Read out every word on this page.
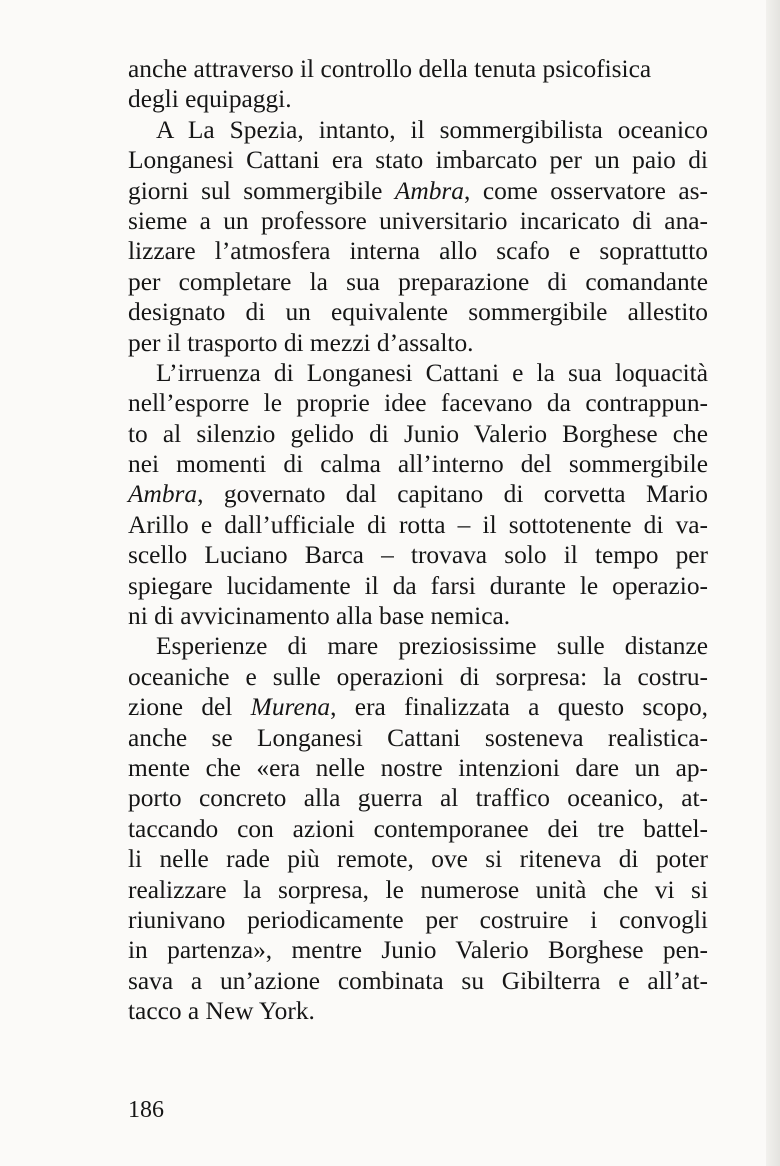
anche attraverso il controllo della tenuta psicofisica
degli equipaggi.
A La Spezia, intanto, il sommergibilista oceanico
Longanesi Cattani era stato imbarcato per un paio di
giorni sul sommergibile Ambra, come osservatore as-
sieme a un professore universitario incaricato di ana-
lizzare l’atmosfera interna allo scafo e soprattutto
per completare la sua preparazione di comandante
designato di un equivalente sommergibile allestito
per il trasporto di mezzi d’assalto.
L’irruenza di Longanesi Cattani e la sua loquacità
nell’esporre le proprie idee facevano da contrappun-
to al silenzio gelido di Junio Valerio Borghese che
nei momenti di calma all’interno del sommergibile
Ambra, governato dal capitano di corvetta Mario
Arillo e dall’ufficiale di rotta – il sottotenente di va-
scello Luciano Barca – trovava solo il tempo per
spiegare lucidamente il da farsi durante le operazio-
ni di avvicinamento alla base nemica.
Esperienze di mare preziosissime sulle distanze
oceaniche e sulle operazioni di sorpresa: la costru-
zione del Murena, era finalizzata a questo scopo,
anche se Longanesi Cattani sosteneva realistica-
mente che «era nelle nostre intenzioni dare un ap-
porto concreto alla guerra al traffico oceanico, at-
taccando con azioni contemporanee dei tre battel-
li nelle rade più remote, ove si riteneva di poter
realizzare la sorpresa, le numerose unità che vi si
riunivano periodicamente per costruire i convogli
in partenza», mentre Junio Valerio Borghese pen-
sava a un’azione combinata su Gibilterra e all’at-
tacco a New York.
186
